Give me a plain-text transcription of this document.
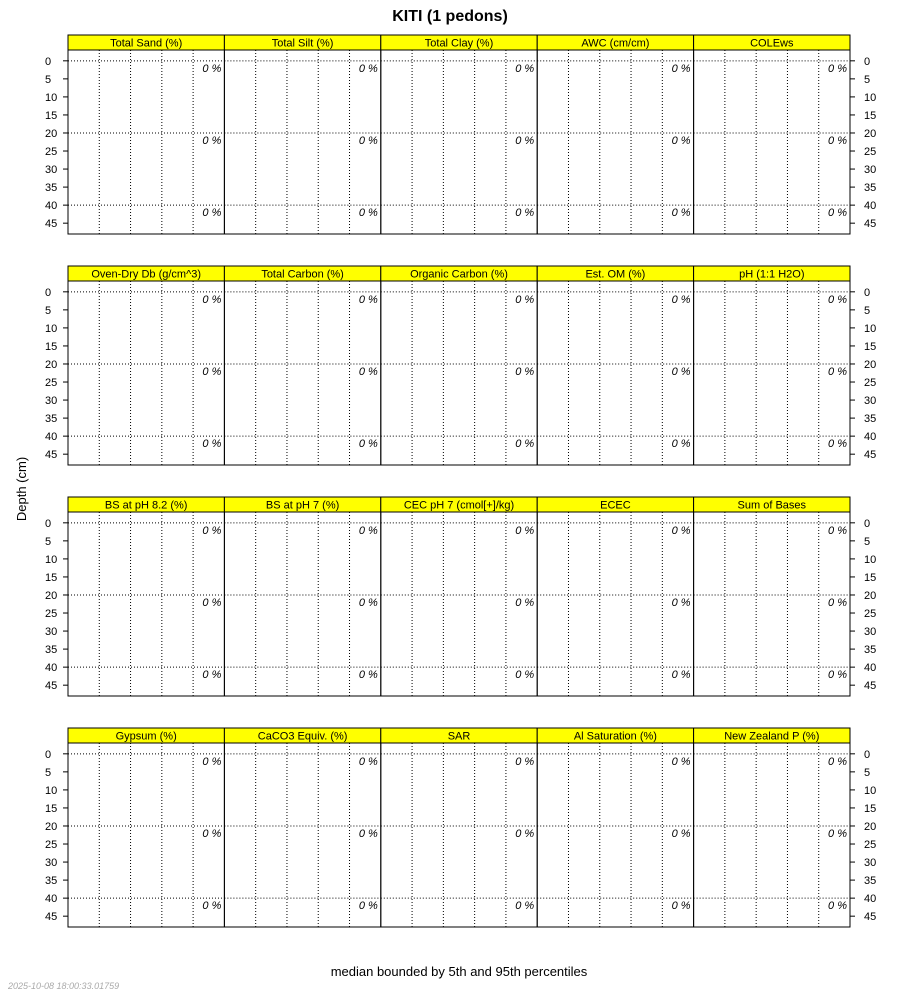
KITI (1 pedons)
Depth (cm)
median bounded by 5th and 95th percentiles
2025-10-08 18:00:33.01759
Total Sand (%)
0 %
0 %
0 %
Total Silt (%)
0 %
0 %
0 %
Total Clay (%)
0 %
0 %
0 %
AWC (cm/cm)
0 %
0 %
0 %
COLEws
0 %
0 %
0 %
0	0
5	5
10	10
15	15
20	20
25	25
30	30
35	35
40	40
45	45
Oven-Dry Db (g/cm^3)
0 %
0 %
0 %
Total Carbon (%)
0 %
0 %
0 %
Organic Carbon (%)
0 %
0 %
0 %
Est. OM (%)
0 %
0 %
0 %
pH (1:1 H2O)
0 %
0 %
0 %
0	0
5	5
10	10
15	15
20	20
25	25
30	30
35	35
40	40
45	45
BS at pH 8.2 (%)
0 %
0 %
0 %
BS at pH 7 (%)
0 %
0 %
0 %
CEC pH 7 (cmol[+]/kg)
0 %
0 %
0 %
ECEC
0 %
0 %
0 %
Sum of Bases
0 %
0 %
0 %
0	0
5	5
10	10
15	15
20	20
25	25
30	30
35	35
40	40
45	45
Gypsum (%)
0 %
0 %
0 %
CaCO3 Equiv. (%)
0 %
0 %
0 %
SAR
0 %
0 %
0 %
Al Saturation (%)
0 %
0 %
0 %
New Zealand P (%)
0 %
0 %
0 %
0	0
5	5
10	10
15	15
20	20
25	25
30	30
35	35
40	40
45	45
